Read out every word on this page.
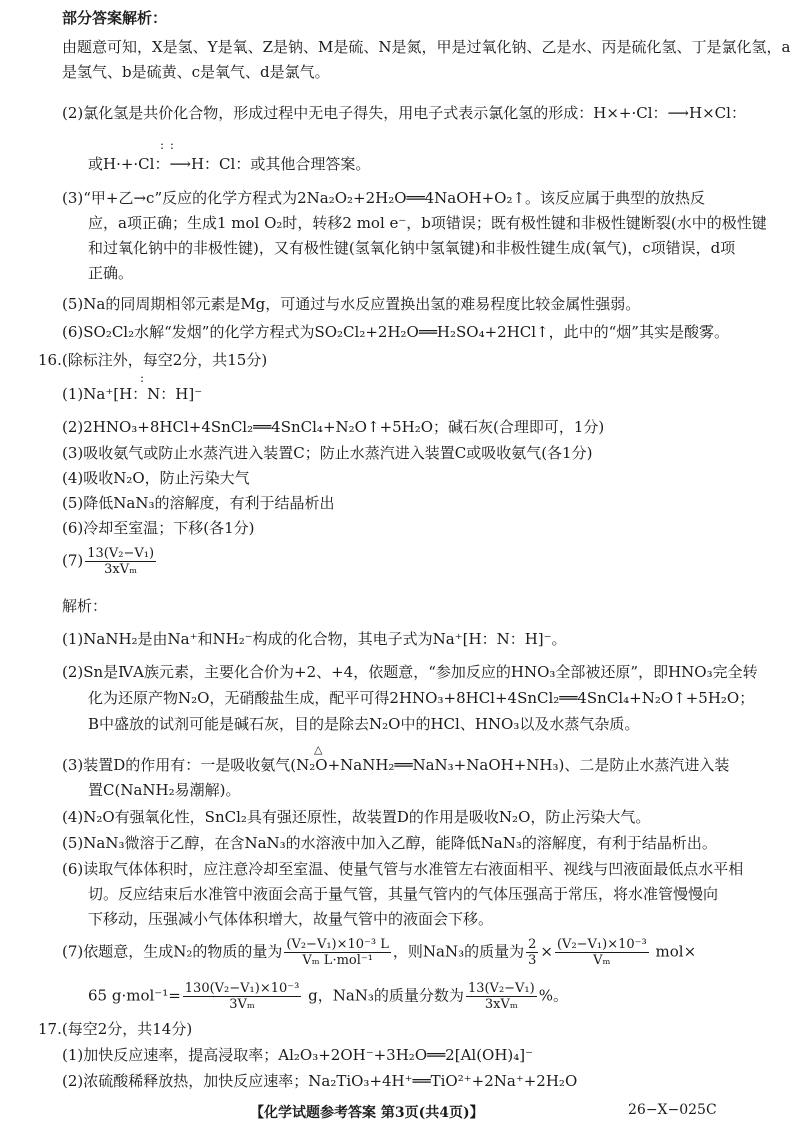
部分答案解析：
由题意可知，X是氢、Y是氧、Z是钠、M是硫、N是氮，甲是过氧化钠、乙是水、丙是硫化氢、丁是氯化氢，a
是氢气、b是硫黄、c是氧气、d是氯气。
(2)氯化氢是共价化合物，形成过程中无电子得失，用电子式表示氯化氢的形成：H×+·Cl：⟶H×Cl：
: :
或H·+·Cl：⟶H：Cl：或其他合理答案。
(3)“甲+乙→c”反应的化学方程式为2Na₂O₂+2H₂O══4NaOH+O₂↑。该反应属于典型的放热反
应，a项正确；生成1 mol O₂时，转移2 mol e⁻，b项错误；既有极性键和非极性键断裂(水中的极性键
和过氧化钠中的非极性键)，又有极性键(氢氧化钠中氢氧键)和非极性键生成(氧气)，c项错误，d项
正确。
(5)Na的同周期相邻元素是Mg，可通过与水反应置换出氢的难易程度比较金属性强弱。
(6)SO₂Cl₂水解“发烟”的化学方程式为SO₂Cl₂+2H₂O══H₂SO₄+2HCl↑，此中的“烟”其实是酸雾。
16.(除标注外，每空2分，共15分)
:
(1)Na⁺[H：N：H]⁻
(2)2HNO₃+8HCl+4SnCl₂══4SnCl₄+N₂O↑+5H₂O；碱石灰(合理即可，1分)
(3)吸收氨气或防止水蒸汽进入装置C；防止水蒸汽进入装置C或吸收氨气(各1分)
(4)吸收N₂O，防止污染大气
(5)降低NaN₃的溶解度，有利于结晶析出
(6)冷却至室温；下移(各1分)
$(7) \frac{\text{13(V₂−V₁)}}{\text{3xVₘ}}$
解析：
(1)NaNH₂是由Na⁺和NH₂⁻构成的化合物，其电子式为Na⁺[H：N：H]⁻。
(2)Sn是ⅣA族元素，主要化合价为+2、+4，依题意，“参加反应的HNO₃全部被还原”，即HNO₃完全转
化为还原产物N₂O，无硝酸盐生成，配平可得2HNO₃+8HCl+4SnCl₂══4SnCl₄+N₂O↑+5H₂O；
B中盛放的试剂可能是碱石灰，目的是除去N₂O中的HCl、HNO₃以及水蒸气杂质。
△
(3)装置D的作用有：一是吸收氨气(N₂O+NaNH₂══NaN₃+NaOH+NH₃)、二是防止水蒸汽进入装
置C(NaNH₂易潮解)。
(4)N₂O有强氧化性，SnCl₂具有强还原性，故装置D的作用是吸收N₂O，防止污染大气。
(5)NaN₃微溶于乙醇，在含NaN₃的水溶液中加入乙醇，能降低NaN₃的溶解度，有利于结晶析出。
(6)读取气体体积时，应注意冷却至室温、使量气管与水准管左右液面相平、视线与凹液面最低点水平相
切。反应结束后水准管中液面会高于量气管，其量气管内的气体压强高于常压，将水准管慢慢向
下移动，压强减小气体体积增大，故量气管中的液面会下移。
(7)依题意，生成N₂的物质的量为 $\frac{\text{(V₂−V₁)×10⁻³ L}}{\text{Vₘ L·mol⁻¹}}$ ，则NaN₃的质量为 $\frac{2}{3} \times \frac{\text{(V₂−V₁)×10⁻³}}{\text{Vₘ}} mol\times$
65 $g\cdot mol^{-1}= \frac{\text{130(V₂−V₁)×10⁻³}}{\text{3Vₘ}}$ g，NaN₃的质量分数为 $\frac{\text{13(V₂−V₁)}}{\text{3xVₘ}}$ %。
17.(每空2分，共14分)
(1)加快反应速率，提高浸取率；Al₂O₃+2OH⁻+3H₂O══2[Al(OH)₄]⁻
(2)浓硫酸稀释放热，加快反应速率；Na₂TiO₃+4H⁺══TiO²⁺+2Na⁺+2H₂O
【化学试题参考答案 第3页(共4页)】	26−X−025C
